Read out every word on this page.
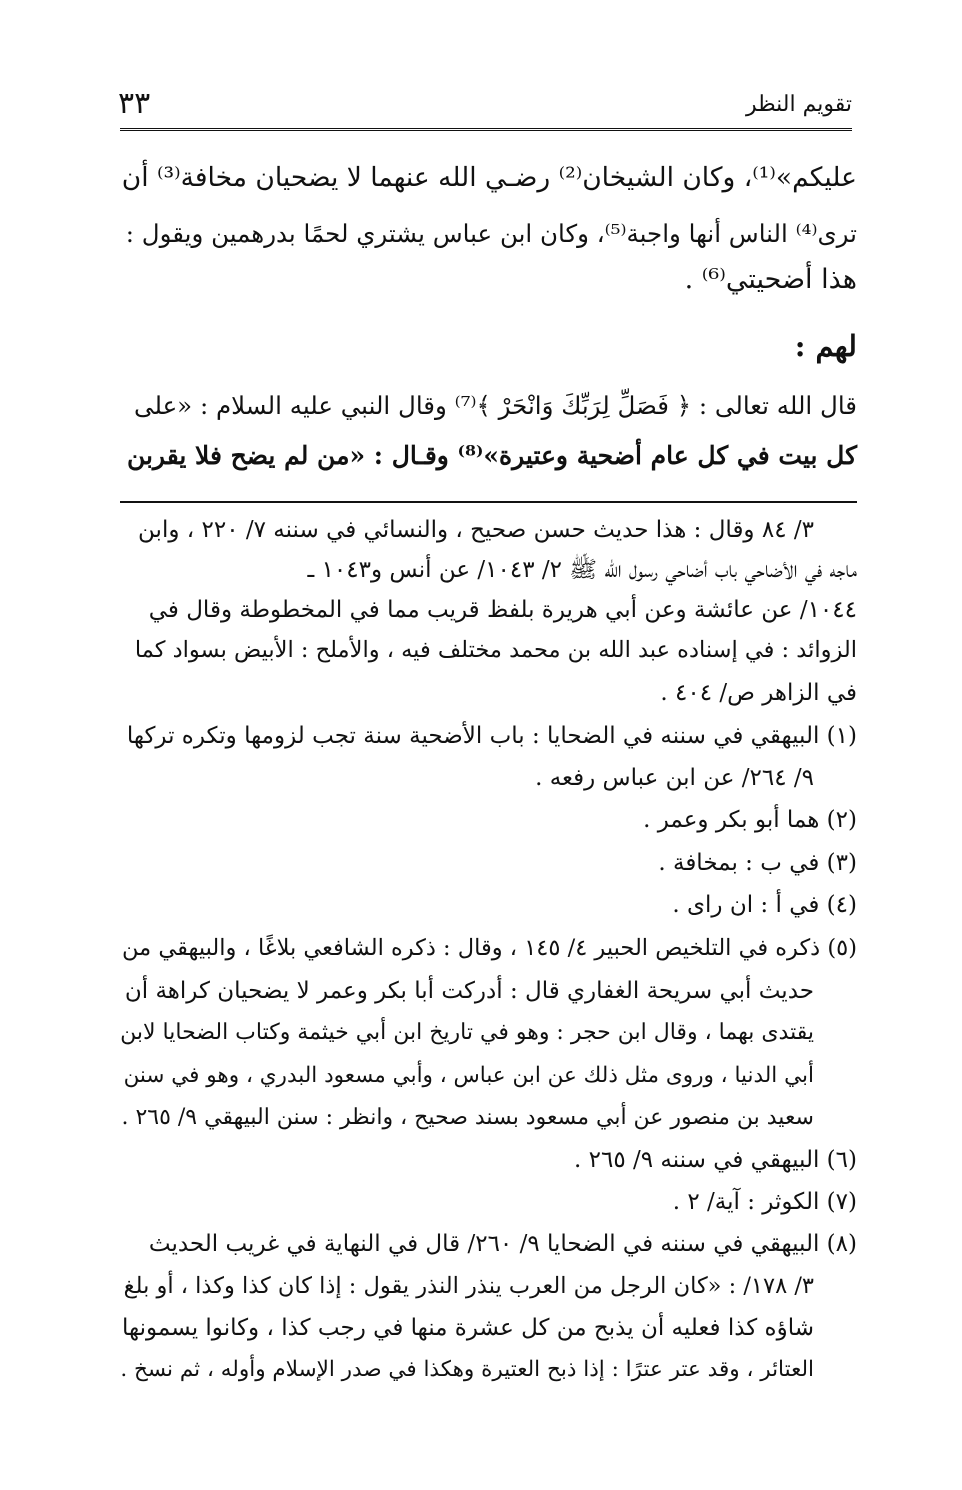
تقويم النظر
٣٣
عليكم»⁽¹⁾، وكان الشيخان⁽²⁾ رضـي الله عنهما لا يضحيان مخافة⁽³⁾ أن
ترى⁽⁴⁾ الناس أنها واجبة⁽⁵⁾، وكان ابن عباس يشتري لحمًا بدرهمين ويقول :
هذا أضحيتي⁽⁶⁾ .
لهم :
قال الله تعالى : ﴿ فَصَلِّ لِرَبِّكَ وَانْحَرْ ﴾⁽⁷⁾ وقال النبي عليه السلام : «على
كل بيت في كل عام أضحية وعتيرة»⁽⁸⁾ وقـال : «من لم يضح فلا يقربن
٣/ ٨٤ وقال : هذا حديث حسن صحيح ، والنسائي في سننه ٧/ ٢٢٠ ، وابن
ماجه في الأضاحي باب أضاحي رسول الله ﷺ ٢/ ١٠٤٣/ عن أنس و١٠٤٣ ـ
١٠٤٤/ عن عائشة وعن أبي هريرة بلفظ قريب مما في المخطوطة وقال في
الزوائد : في إسناده عبد الله بن محمد مختلف فيه ، والأملح : الأبيض بسواد كما
في الزاهر ص/ ٤٠٤ .
(١) البيهقي في سننه في الضحايا : باب الأضحية سنة تجب لزومها وتكره تركها
٩/ ٢٦٤/ عن ابن عباس رفعه .
(٢) هما أبو بكر وعمر .
(٣) في ب : بمخافة .
(٤) في أ : ان راى .
(٥) ذكره في التلخيص الحبير ٤/ ١٤٥ ، وقال : ذكره الشافعي بلاغًا ، والبيهقي من
حديث أبي سريحة الغفاري قال : أدركت أبا بكر وعمر لا يضحيان كراهة أن
يقتدى بهما ، وقال ابن حجر : وهو في تاريخ ابن أبي خيثمة وكتاب الضحايا لابن
أبي الدنيا ، وروى مثل ذلك عن ابن عباس ، وأبي مسعود البدري ، وهو في سنن
سعيد بن منصور عن أبي مسعود بسند صحيح ، وانظر : سنن البيهقي ٩/ ٢٦٥ .
(٦) البيهقي في سننه ٩/ ٢٦٥ .
(٧) الكوثر : آية/ ٢ .
(٨) البيهقي في سننه في الضحايا ٩/ ٢٦٠/ قال في النهاية في غريب الحديث
٣/ ١٧٨/ : «كان الرجل من العرب ينذر النذر يقول : إذا كان كذا وكذا ، أو بلغ
شاؤه كذا فعليه أن يذبح من كل عشرة منها في رجب كذا ، وكانوا يسمونها
العتائر ، وقد عتر عترًا : إذا ذبح العتيرة وهكذا في صدر الإسلام وأوله ، ثم نسخ .
